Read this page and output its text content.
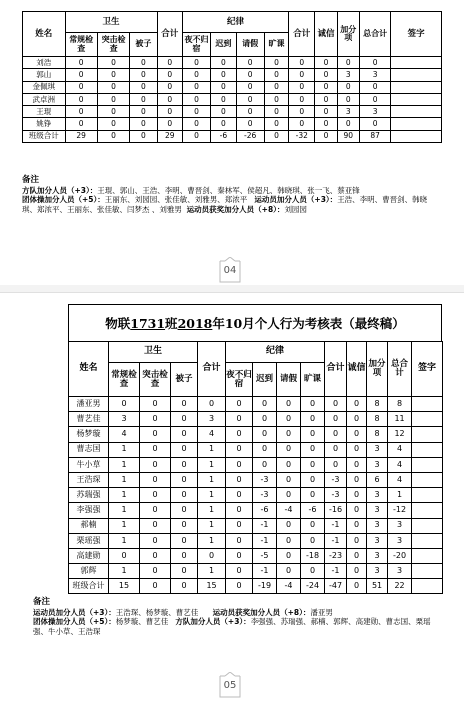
姓名	卫生			合计	纪律				合计	诚信	加分项	总合计	签字
	常规检查	突击检查	被子		夜不归宿	迟到	请假	旷课					
刘浩	0	0	0	0	0	0	0	0	0	0	0	0	
郭山	0	0	0	0	0	0	0	0	0	0	3	3	
金佩琪	0	0	0	0	0	0	0	0	0	0	0	0	
武卓洲	0	0	0	0	0	0	0	0	0	0	0	0	
王琨	0	0	0	0	0	0	0	0	0	0	3	3	
姚铮	0	0	0	0	0	0	0	0	0	0	0	0	
班级合计	29	0	0	29	0	-6	-26	0	-32	0	90	87	
备注
方队加分人员（+3）：王琨、郭山、王浩、李明、曹晋剑、秦林军、侯超凡、韩晓琪、张一飞、蔡亚锋
团体操加分人员（+5）：王丽东、刘园园、张佳敏、刘雅男、郑浓平 运动员加分人员（+3）：王浩、李明、曹晋剑、韩晓琪、郑浓平、王丽东、张佳敏、闫梦杰 、刘雅男 运动员获奖加分人员（+8）：刘园园
04
物联 1731 班 2018 年10月个人行为考核表（最终稿）
姓名	卫生			合计	纪律				合计	诚信	加分项	总合计	签字
	常规检查	突击检查	被子		夜不归宿	迟到	请假	旷课					
潘亚男	0	0	0	0	0	0	0	0	0	0	8	8	
曹艺佳	3	0	0	3	0	0	0	0	0	0	8	11	
杨梦璇	4	0	0	4	0	0	0	0	0	0	8	12	
曹志国	1	0	0	1	0	0	0	0	0	0	3	4	
牛小草	1	0	0	1	0	0	0	0	0	0	3	4	
王浩琛	1	0	0	1	0	-3	0	0	-3	0	6	4	
苏瑞强	1	0	0	1	0	-3	0	0	-3	0	3	1	
李强强	1	0	0	1	0	-6	-4	-6	-16	0	3	-12	
郝楠	1	0	0	1	0	-1	0	0	-1	0	3	3	
栗瑶强	1	0	0	1	0	-1	0	0	-1	0	3	3	
高建勋	0	0	0	0	0	-5	0	-18	-23	0	3	-20	
郭辉	1	0	0	1	0	-1	0	0	-1	0	3	3	
班级合计	15	0	0	15	0	-19	-4	-24	-47	0	51	22	
备注
运动员加分人员（+3）：王浩琛、杨梦璇、曹艺佳 运动员获奖加分人员（+8）：潘亚男
团体操加分人员（+5）：杨梦璇、曹艺佳 方队加分人员（+3）：李强强、苏瑞强、郝楠、郭辉、高建勋、曹志国、栗瑶强、牛小草、王浩琛
05
